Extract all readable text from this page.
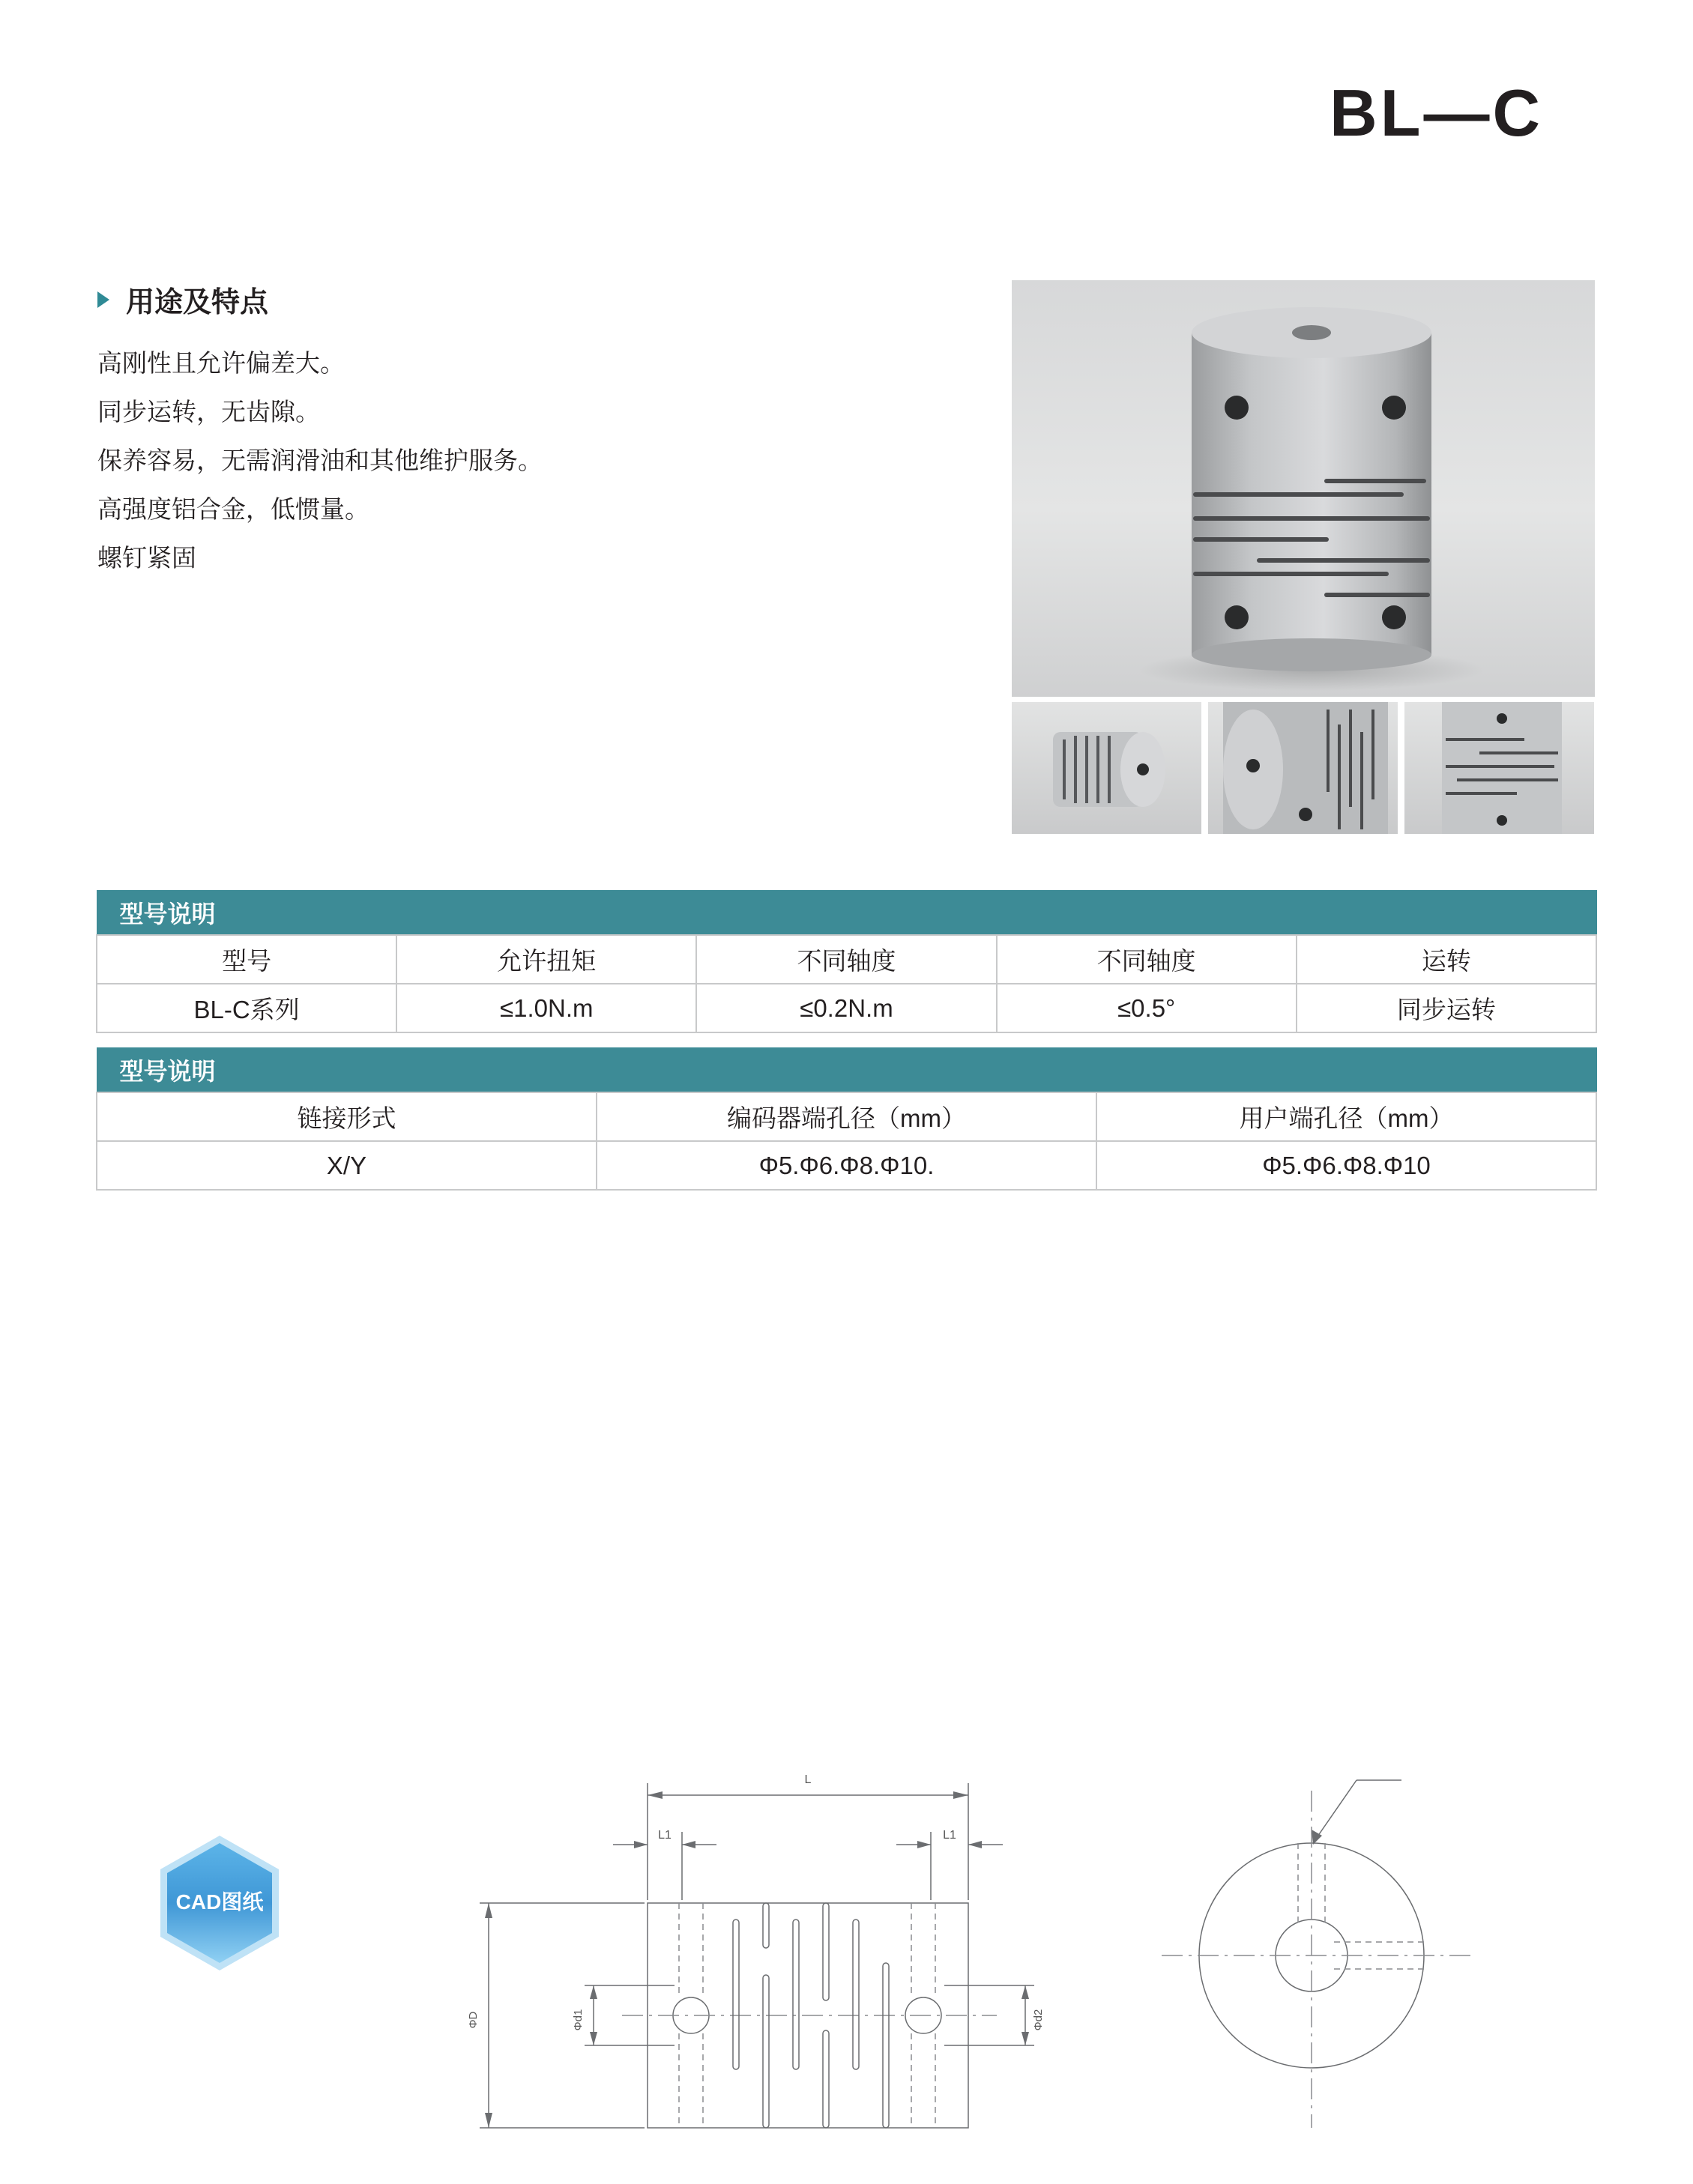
BL—C
用途及特点
高刚性且允许偏差大。
同步运转，无齿隙。
保养容易，无需润滑油和其他维护服务。
高强度铝合金，低惯量。
螺钉紧固
型号说明				
型号	允许扭矩	不同轴度	不同轴度	运转
BL-C系列	≤1.0N.m	≤0.2N.m	≤0.5°	同步运转
型号说明		
链接形式	编码器端孔径（mm）	用户端孔径（mm）
X/Y	Φ5.Φ6.Φ8.Φ10.	Φ5.Φ6.Φ8.Φ10
CAD图纸
L
L1	L1
ΦD	Φd1	Φd2
